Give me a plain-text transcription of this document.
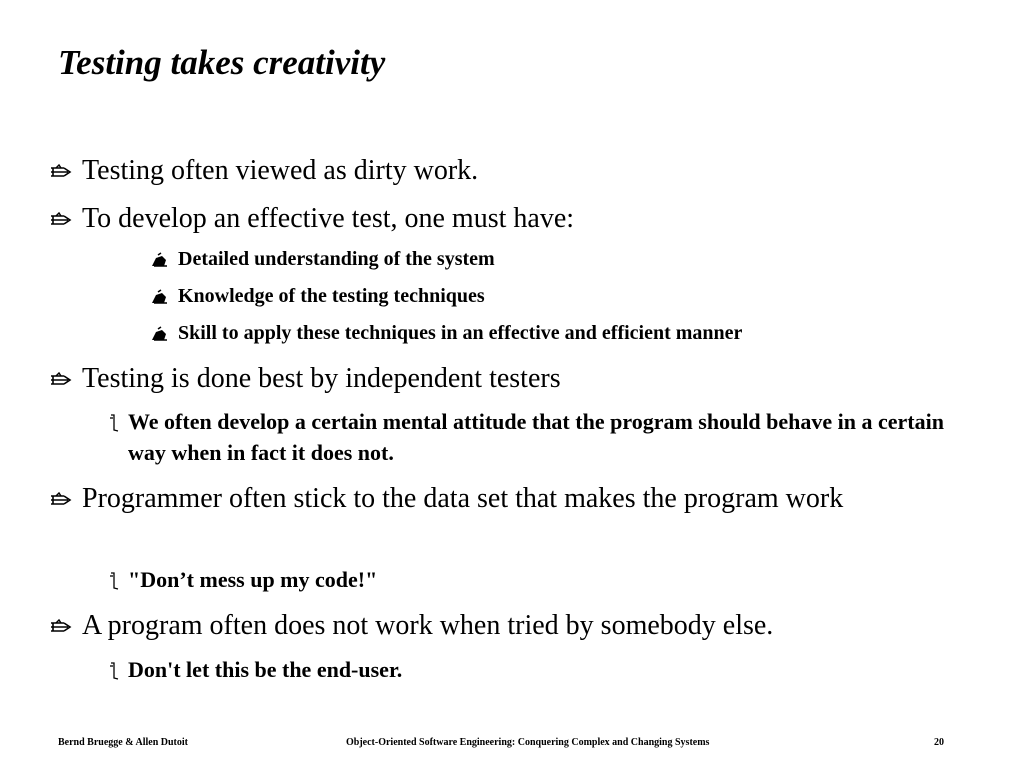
Testing takes creativity
Testing often viewed as dirty work.
To develop an effective test, one must have:
Detailed understanding of the system
Knowledge of the testing techniques
Skill to apply these techniques in an effective and efficient manner
Testing is done best by independent testers
We often develop a certain mental attitude that the program should behave in a certain way when in fact it does not.
Programmer often stick to the data set that makes the program work
"Don’t mess up my code!"
A program often does not work when tried by somebody else.
Don't let this be the end-user.
Bernd Bruegge & Allen Dutoit	Object-Oriented Software Engineering: Conquering Complex and Changing Systems	20
